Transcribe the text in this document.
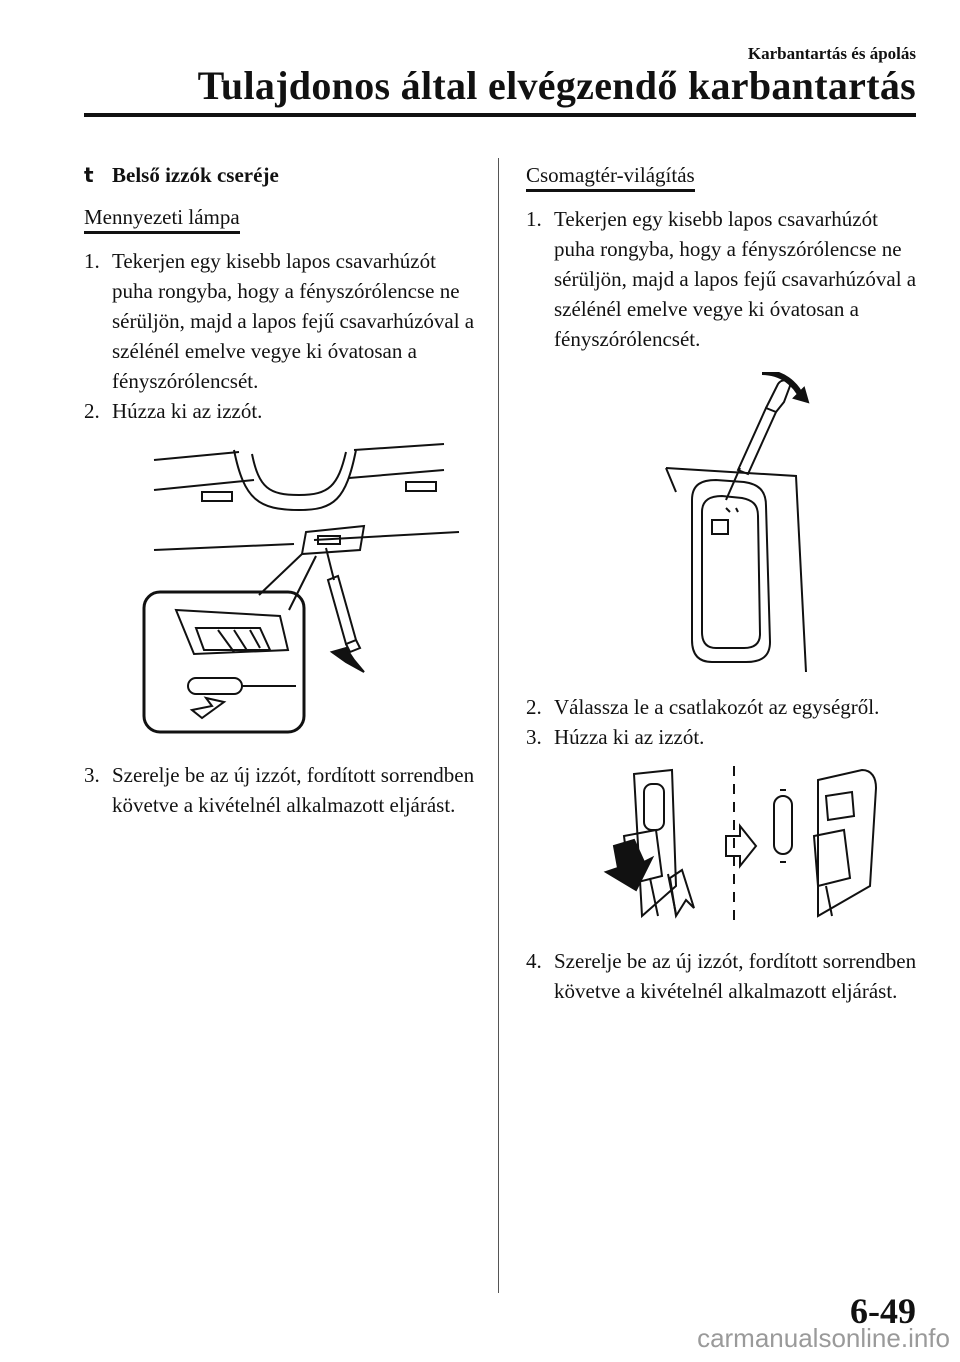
Karbantartás és ápolás
Tulajdonos által elvégzendő karbantartás
t Belső izzók cseréje
Mennyezeti lámpa
1. Tekerjen egy kisebb lapos csavarhúzót puha rongyba, hogy a fényszórólencse ne sérüljön, majd a lapos fejű csavarhúzóval a szélénél emelve vegye ki óvatosan a fényszórólencsét.
2. Húzza ki az izzót.
3. Szerelje be az új izzót, fordított sorrendben követve a kivételnél alkalmazott eljárást.
Csomagtér-világítás
1. Tekerjen egy kisebb lapos csavarhúzót puha rongyba, hogy a fényszórólencse ne sérüljön, majd a lapos fejű csavarhúzóval a szélénél emelve vegye ki óvatosan a fényszórólencsét.
2. Válassza le a csatlakozót az egységről.
3. Húzza ki az izzót.
4. Szerelje be az új izzót, fordított sorrendben követve a kivételnél alkalmazott eljárást.
6-49
carmanualsonline.info
